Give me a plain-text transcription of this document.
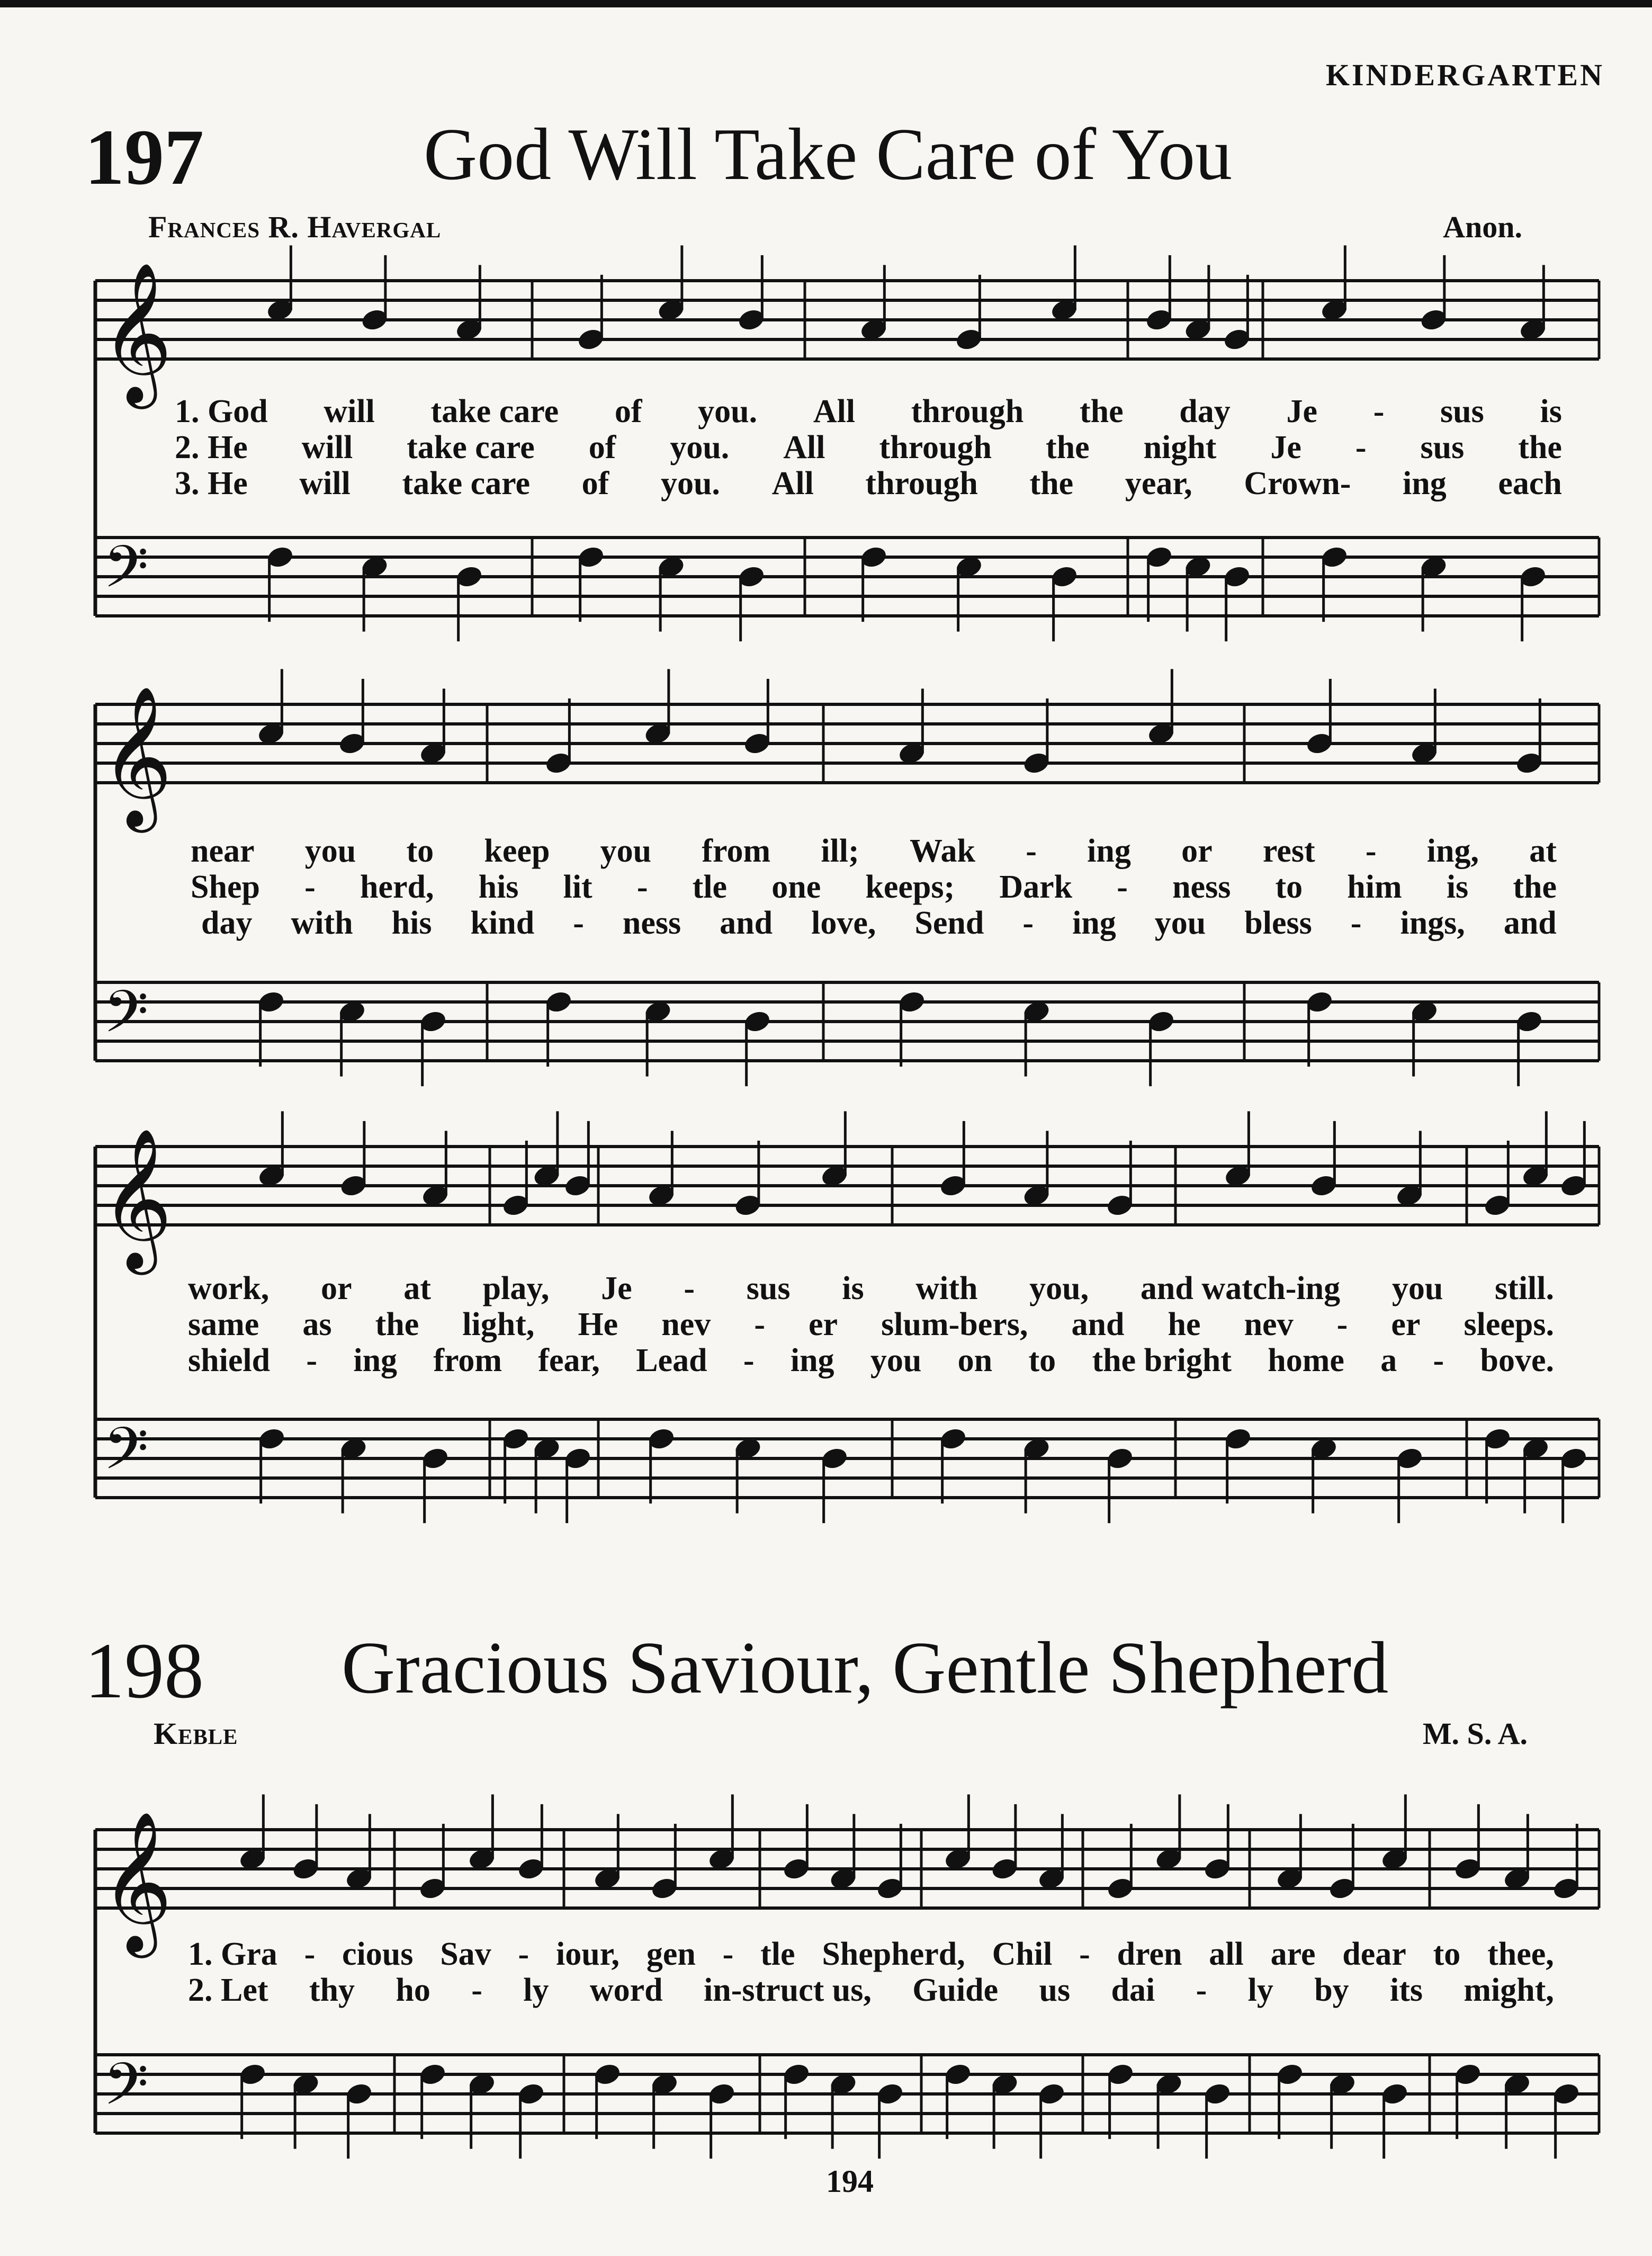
KINDERGARTEN
197	God Will Take Care of You
Frances R. Havergal	Anon.
1. God will take care of you. All through the day Je - sus is
2. He will take care of you. All through the night Je - sus the
3. He will take care of you. All through the year, Crown- ing each
near you to keep you from ill; Wak - ing or rest - ing, at
Shep - herd, his lit - tle one keeps; Dark - ness to him is the
day with his kind - ness and love, Send - ing you bless - ings, and
work, or at play, Je - sus is with you, and watch-ing you still.
same as the light, He nev - er slum-bers, and he nev - er sleeps.
shield - ing from fear, Lead - ing you on to the bright home a - bove.
198 Gracious Saviour, Gentle Shepherd
Keble	M. S. A.
1. Gra - cious Sav - iour, gen - tle Shepherd, Chil - dren all are dear to thee,
2. Let thy ho - ly word in-struct us, Guide us dai - ly by its might,
194
𝄞
𝄢
𝄞
𝄢
𝄞
𝄢
𝄞
𝄢
